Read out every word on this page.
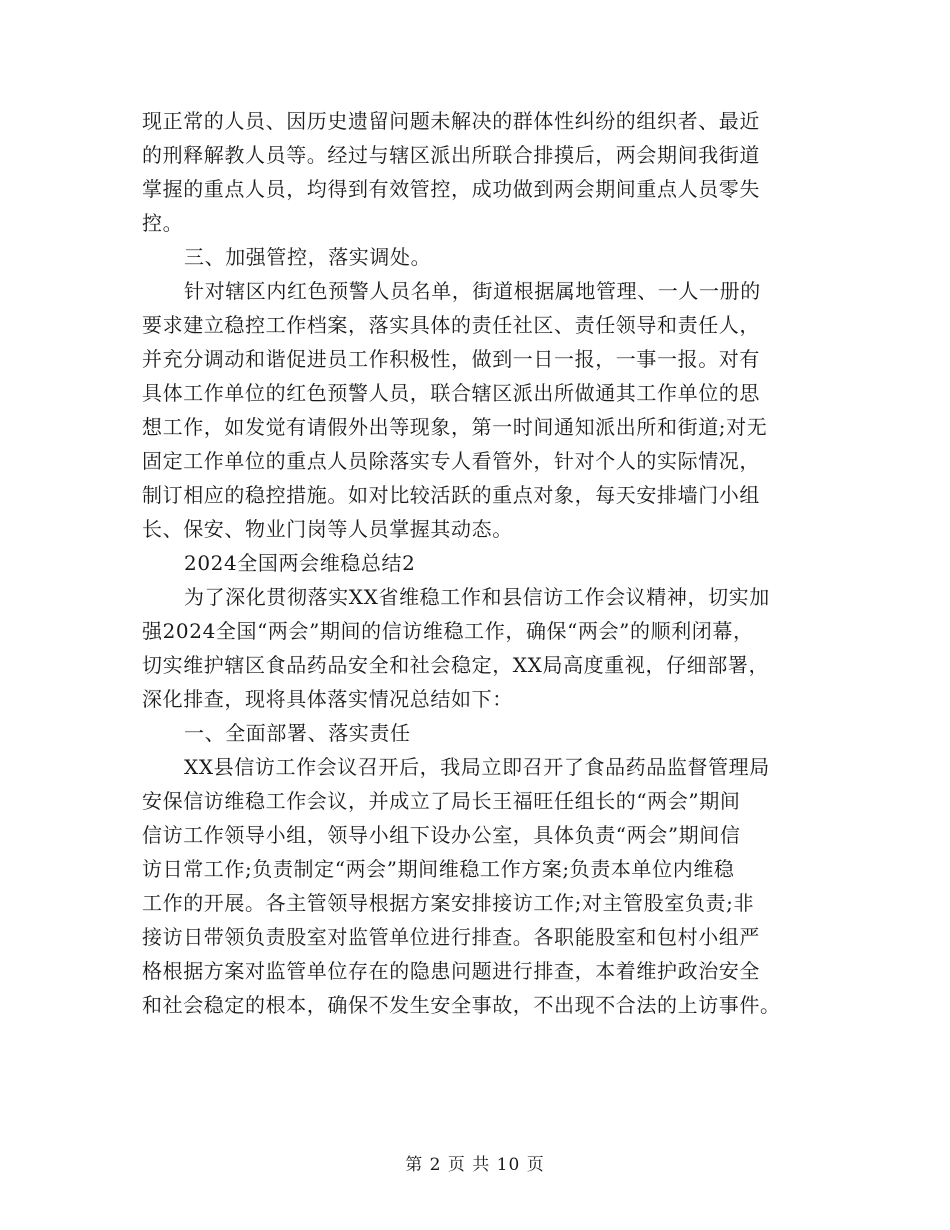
现正常的人员、因历史遗留问题未解决的群体性纠纷的组织者、最近
的刑释解教人员等。经过与辖区派出所联合排摸后，两会期间我街道
掌握的重点人员，均得到有效管控，成功做到两会期间重点人员零失
控。
三、加强管控，落实调处。
针对辖区内红色预警人员名单，街道根据属地管理、一人一册的
要求建立稳控工作档案，落实具体的责任社区、责任领导和责任人，
并充分调动和谐促进员工作积极性，做到一日一报，一事一报。对有
具体工作单位的红色预警人员，联合辖区派出所做通其工作单位的思
想工作，如发觉有请假外出等现象，第一时间通知派出所和街道;对无
固定工作单位的重点人员除落实专人看管外，针对个人的实际情况，
制订相应的稳控措施。如对比较活跃的重点对象，每天安排墙门小组
长、保安、物业门岗等人员掌握其动态。
2024全国两会维稳总结2
为了深化贯彻落实XX省维稳工作和县信访工作会议精神，切实加
强2024全国“两会”期间的信访维稳工作，确保“两会”的顺利闭幕，
切实维护辖区食品药品安全和社会稳定，XX局高度重视，仔细部署，
深化排查，现将具体落实情况总结如下：
一、全面部署、落实责任
XX县信访工作会议召开后，我局立即召开了食品药品监督管理局
安保信访维稳工作会议，并成立了局长王福旺任组长的“两会”期间
信访工作领导小组，领导小组下设办公室，具体负责“两会”期间信
访日常工作;负责制定“两会”期间维稳工作方案;负责本单位内维稳
工作的开展。各主管领导根据方案安排接访工作;对主管股室负责;非
接访日带领负责股室对监管单位进行排查。各职能股室和包村小组严
格根据方案对监管单位存在的隐患问题进行排查，本着维护政治安全
和社会稳定的根本，确保不发生安全事故，不出现不合法的上访事件。
第 2 页 共 10 页
